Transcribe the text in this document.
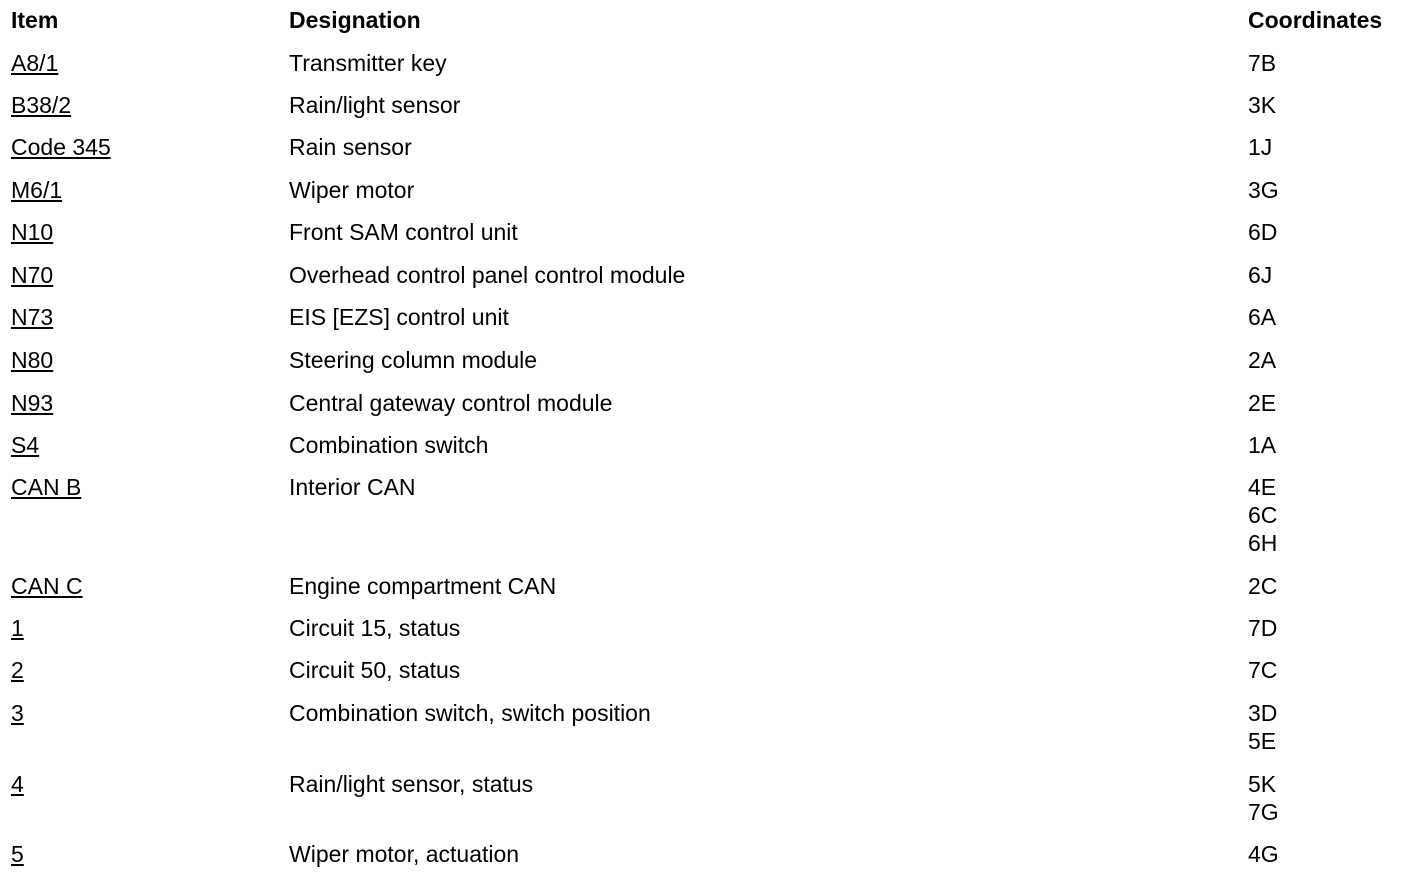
Item	Designation	Coordinates
A8/1	Transmitter key	7B
B38/2	Rain/light sensor	3K
Code 345	Rain sensor	1J
M6/1	Wiper motor	3G
N10	Front SAM control unit	6D
N70	Overhead control panel control module	6J
N73	EIS [EZS] control unit	6A
N80	Steering column module	2A
N93	Central gateway control module	2E
S4	Combination switch	1A
CAN B	Interior CAN	4E
6C
6H
CAN C	Engine compartment CAN	2C
1	Circuit 15, status	7D
2	Circuit 50, status	7C
3	Combination switch, switch position	3D
5E
4	Rain/light sensor, status	5K
7G
5	Wiper motor, actuation	4G
